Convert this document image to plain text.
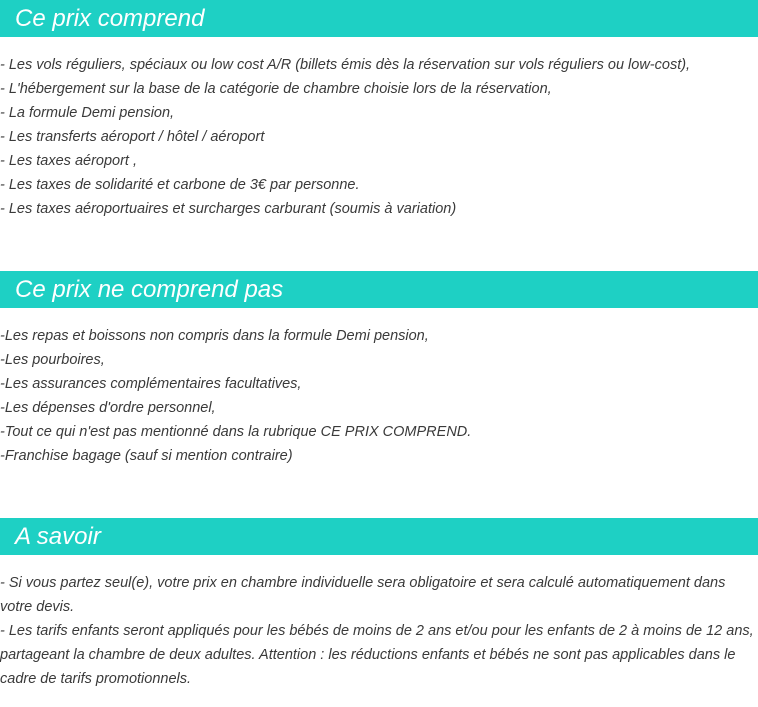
Ce prix comprend
- Les vols réguliers, spéciaux ou low cost A/R (billets émis dès la réservation sur vols réguliers ou low-cost),
- L'hébergement sur la base de la catégorie de chambre choisie lors de la réservation,
- La formule Demi pension,
- Les transferts aéroport / hôtel / aéroport
- Les taxes aéroport ,
- Les taxes de solidarité et carbone de 3€ par personne.
- Les taxes aéroportuaires et surcharges carburant (soumis à variation)
Ce prix ne comprend pas
-Les repas et boissons non compris dans la formule Demi pension,
-Les pourboires,
-Les assurances complémentaires facultatives,
-Les dépenses d'ordre personnel,
-Tout ce qui n'est pas mentionné dans la rubrique CE PRIX COMPREND.
-Franchise bagage (sauf si mention contraire)
A savoir
- Si vous partez seul(e), votre prix en chambre individuelle sera obligatoire et sera calculé automatiquement dans votre devis.
- Les tarifs enfants seront appliqués pour les bébés de moins de 2 ans et/ou pour les enfants de 2 à moins de 12 ans, partageant la chambre de deux adultes. Attention : les réductions enfants et bébés ne sont pas applicables dans le cadre de tarifs promotionnels.
